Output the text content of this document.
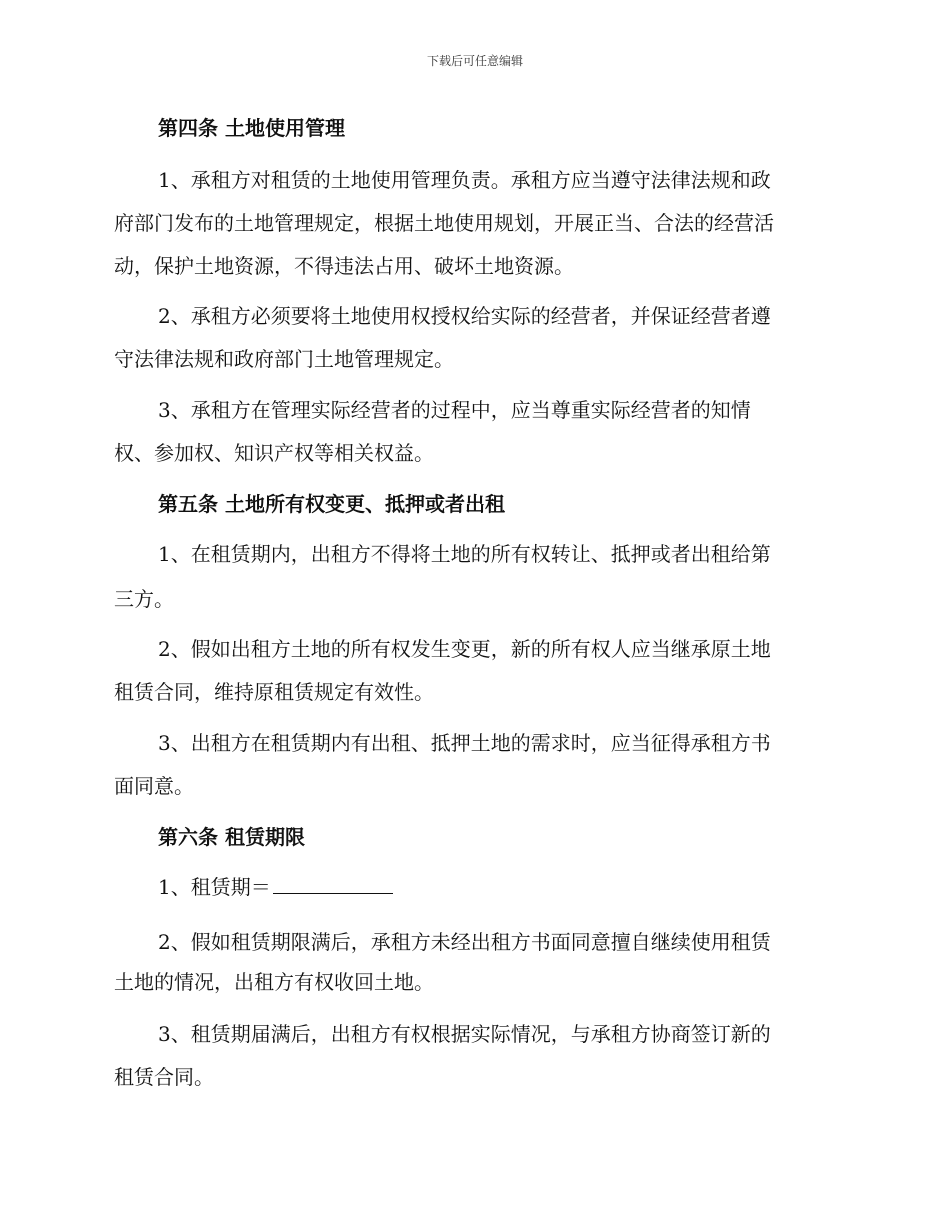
下载后可任意编辑
第四条 土地使用管理
1、承租方对租赁的土地使用管理负责。承租方应当遵守法律法规和政
府部门发布的土地管理规定，根据土地使用规划，开展正当、合法的经营活
动，保护土地资源，不得违法占用、破坏土地资源。
2、承租方必须要将土地使用权授权给实际的经营者，并保证经营者遵
守法律法规和政府部门土地管理规定。
3、承租方在管理实际经营者的过程中，应当尊重实际经营者的知情
权、参加权、知识产权等相关权益。
第五条 土地所有权变更、抵押或者出租
1、在租赁期内，出租方不得将土地的所有权转让、抵押或者出租给第
三方。
2、假如出租方土地的所有权发生变更，新的所有权人应当继承原土地
租赁合同，维持原租赁规定有效性。
3、出租方在租赁期内有出租、抵押土地的需求时，应当征得承租方书
面同意。
第六条 租赁期限
1、租赁期＝
2、假如租赁期限满后，承租方未经出租方书面同意擅自继续使用租赁
土地的情况，出租方有权收回土地。
3、租赁期届满后，出租方有权根据实际情况，与承租方协商签订新的
租赁合同。
